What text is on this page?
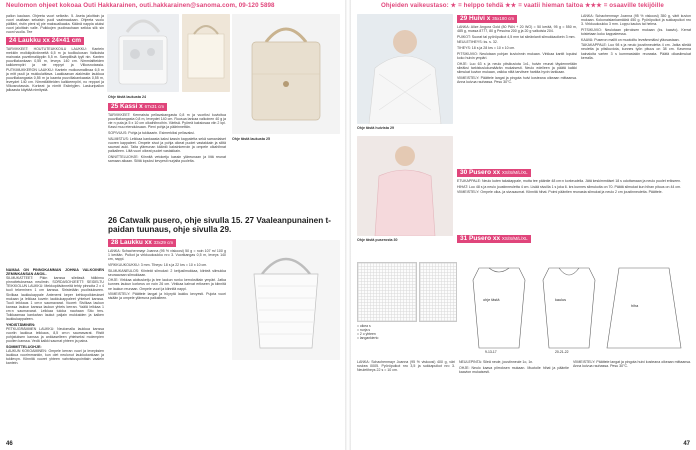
Neulomon ohjeet kokoaa Outi Hakkarainen, outi.hakkarainen@sanoma.com, 09-120 5898
pallon kaulaan. Ohjeeta vuori selkeän. 5. Aseta jaloittain ja vuori osaltaan sekaisin puoli vaalmaakaan. Ohjeeta vuolu päilläni, ristin pieni sij pie maksualkaaka. Käänä nappia aluksi vuori jaloittain valle. Puikkojen puolinauhaan seikka silk sin vuoni vuolla. Tee
24 Laukku xx 24×41 cm
TARVIKKEET: HOUTUTEUKKOILU LAUKKU: Kantein mekkiin molkkipäivänneitä 6,5 m ja tuolikukosan Valkoista mainosta puvelimaläppiin 5,5 m. Sampillisiä tyyli nin. Kanten puuvillakankaan 0,55 m, leveys 140 cm. Nimmlaitteiden kalkkeenpiiri ja nie reppyri ja Vilkosnotassia. PUTKIMUKKERON LAUKKU: Kantein moikosmallinaa 6,5 m ja mitt puuli ja mukkulaittava. Laakkaavan alakirskin laukkua puuvillakangasta 0,55 m ja kaanta puuvillakankaasta 0,55 m, leveydet 140 cm. Nimmiläitteiden kalkkeenpiiri, no reppari ja Vilkosnotassia. Korkeat ja nimitt Esiintyjien. Laskuripallon jalkaasta käyttää nimitystä.
Ohje tästä laukusta 24
NAMAA ON PINNOKAMMAN JOHNIA VALKOINEN ZEMINKANSAN ANOIL.
SILMUKATTEET: Pikin kanssa sileässä hälkinnu pinnoitetuksessa neulimin. SORDASOHJEETT: SEIDELTU TEIKKIOLUN LAUKKU: Mekkopäivänneitä tehty pinnoita 2 x 4 tuoli tekeminen 1 cm kanssa. Siristetään puolistukseen. Sivilkaa laukkukappale Antenemi keper kehkopoikkeukset mukaan ja leikkaa kuvein laukkukappaleet yhteiset kanssa. Tuoli leikkaus 1 cm:n saumavarat. Vuoret: Sivilkaa laukun kanssa laukun kanssa laukun yhteis kerran. Yaälä leikkaa 1 cm:n saumavarat. Leikkaa tuloka nauhaan Sito tms. Toikkaamaa kankahan laukut paljain mukkaiden ja kaiken laukkukappaleen.
YHDISTÄMINEN:
PETKUGRÄMMEN LAUKKU: Neulomalla laukkua kanssa vuoriin laukkua leikkaus, 8,5 cm:n saumavarat. Ristit pohjatuksen kanssa ja ankkaselleen yhteiseksi molempien puolien kanssa. Vedä kaikki saumat yhteen ja paina.
SOMMITTELUOHJE:
LAUKUN KOKOAMINEN: Ompele kerran vuori ja leveyksien laukkua vuorimmankin, kun olet neulonut laukkukankaan ja tukilevyn. Kiinnitä vuoret yhteen vahvistuspointtain vaalein kantein.
25 Kassi x 67x31 cm
TARVIKKEET: Kermaista pellavakangasta 0,8 m ja vuoriksi kuvioitua puuvillakangasta 0,8 m, leveydet 140 cm. Ruusua lankaa valkoinen 40 g ja vie n puta ja 5 x 10 cm olkaihihnoihin. Värtisä. Pyöreä kaksiosaa viin 2 kpl. Kassi muu etenduksaan. Pieni pohja ja päärinnettän.
SOPIVUUS: Pohja ja tukikaarin. Esimerkiksi pellavaksi.
VALMISTUS: Leikkaa kankaasta kaksi kassin kappaletta sekä samanlaiset vuoren kappaleet. Ompele sivut ja pohja oikeat puolet vastakkain ja silitä saumat auki. Taita yläreunan kääntö kaksinkerroin ja ompele olkahihnat paikalleen. Liitä vuori oikeat puolet vastakkain.
ONNITTELUOHJE: Kiinnitä vetoketju kassin yläreunaan ja liitä reunat samaan aikaan. Silitä lopuksi kevyesti nurjalta puolelta.
Ohje tästä laukusta 25
26 Catwalk pusero, ohje sivulla 15. 27 Vaaleanpunainen t-paidan tuunaus, ohje sivulla 29.
28 Laukku xx 33x29 cm
LANKA: Schachenmayr Joanna (95 % viskoosi) 50 g = noin 107 m/ 100 g 1 kerään. Puikot ja virkkuukoukku nro 3. Vuorikangas 0,5 m, leveys 140 cm, nappi.
VIRKKUUKOUKKU: 3 mm. Tiheys: 18 s ja 22 krs = 10 x 10 cm.
SILMUKANEULOS: Kiinteät silmukat: 2 ketjusilmukkaa, kiinteä silmukka seuraavaan silmukkaan.
OHJE: Virkkaa aloitusketju ja tee laukun runko kerroksittain ympäri. Jatka kunnes laukun korkeus on noin 26 cm. Virkkaa kahvat erikseen ja kiinnitä ne laukun reunaan. Ompele vuori ja kiinnitä nappi.
VIIMEISTELY: Päättele langat ja höyrytä laukku kevyesti. Pujota vuori sisään ja ompele yläreuna paikalleen.
46
Ohjeiden vaikeustaso: ★ = helppo tehdä ★★ = vaatii hieman taitoa ★★★ = osaaville tekijöille
Ohje tästä huivista 29
29 Huivi x 35x180 cm
LANKA: Alize Angora Gold (80 PAN + 20 WO) = 50 kerää, 95 g = 550 m, 485 g, mussa 8777, 80 g Pesuina 200 g ja 20 g valkoisia 204.
PUIKOT: Suorat tai pyöröpuikot 4,5 mm tai sileänlanit silmukkaoikein 3 mm.
NEULETIHEYS: ks. s. 32.
TIHEYS: 18 s ja 28 krs = 10 x 10 cm.
PITSIKUVIO: Neulotaan pohjan kuvioinnin mukaan. Virkkaa kantit lopuksi koko huivin ympäri.
OHJE: Luo 63 s ja neulo pitsikuviota 1x1, huivin reunat täydennetään sileäksi tarkistuslukumäärän mukaisesti. Neulo edelleen ja päätä kaikki silmukat kuvion mukaan, vaikka niitä tarvitsee harkita hyvin tarkkaan.
VIIMEISTELY: Päättele langat ja pingota huivi kosteana oikeaan mittaansa. Anna kuivua rauhassa. Pesu 30°C.
LANKA: Schachenmayr Joanna (95 % viskoosi) 350 g, värit kuvion mukaan. Kokonaislankamäärä 450 g. Pyöröpuikot ja sukkapuikot nro 3. Virkkuukoukku 3 mm. Loppu kaulus tai helma.
PITSIKUVIO: Neulotaan piirroksen mukaan (ks. kaavio). Kerrat toistetaan koko kappaleessa.
KAAVA: Puseron mallit on muotoiltu leveämmäksi yläosastaan.
TAKAKAPPALE: Luo 98 s ja neulo joustinneuletta 4 cm. Jatka sileää neuletta ja pitsikuviota, kunnes työn pituus on 38 cm. Kavenna kainaloita varten 3 s kummastakin reunasta. Päätä olkasilmukat kerralla.
30 Pusero xx XS/S/M/L/XL
ETUKAPPALE: Neulo kuten takakappale, mutta tee pääntie 48 cm:n korkeudella. Jätä keskimmäiset 18 s odottamaan ja neulo puolet erikseen.
HIHAT: Luo 48 s ja neulo joustinneuletta 4 cm. Lisää sivuilla 1 s joka 6. krs kunnes silmukoita on 70. Päätä silmukat kun hihan pituus on 44 cm.
VIIMEISTELY: Ompele olka- ja sivusaumat. Kiinnitä hihat. Poimi pääntien reunasta silmukat ja neulo 2 cm joustinneuletta. Päättele.
Ohje tästä puserosta 30	31 Pusero xx XS/S/M/L/XL
= oikea s
= nurja s
= 2 o yhteen
= langankierto
ohje tästä	kaulus
hiha
9-13-17	20-21-22
LANKA: Schachenmayr Joanna (95 % viskoosi) 400 g, väri ruskea 0005. Pyöröpuikot nro 3,5 ja sukkapuikot nro 3. Neuletiheys 22 s = 10 cm.
NEULEPINTA: Sileä neule, joustinneule 1o, 1n.
OHJE: Neulo kaava piirroksen mukaan. Muotoile hihat ja pääntie kaavion mukaisesti.
VIIMEISTELY: Päättele langat ja pingota huivi kosteana oikeaan mittaansa. Anna kuivua rauhassa. Pesu 30°C.
47
